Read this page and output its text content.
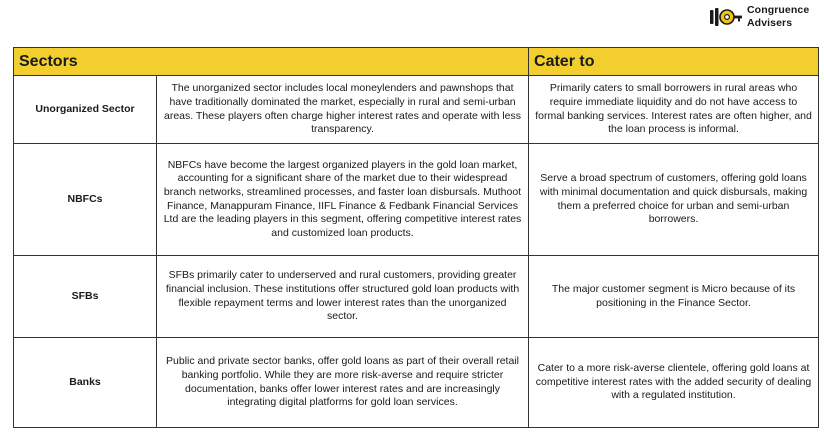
Congruence
Advisers
Sectors		Cater to
Unorganized Sector	The unorganized sector includes local moneylenders and pawnshops that have traditionally dominated the market, especially in rural and semi-urban areas. These players often charge higher interest rates and operate with less transparency.	Primarily caters to small borrowers in rural areas who require immediate liquidity and do not have access to formal banking services. Interest rates are often higher, and the loan process is informal.
NBFCs	NBFCs have become the largest organized players in the gold loan market, accounting for a significant share of the market due to their widespread branch networks, streamlined processes, and faster loan disbursals. Muthoot Finance, Manappuram Finance, IIFL Finance & Fedbank Financial Services Ltd are the leading players in this segment, offering competitive interest rates and customized loan products.	Serve a broad spectrum of customers, offering gold loans with minimal documentation and quick disbursals, making them a preferred choice for urban and semi-urban borrowers.
SFBs	SFBs primarily cater to underserved and rural customers, providing greater financial inclusion. These institutions offer structured gold loan products with flexible repayment terms and lower interest rates than the unorganized sector.	The major customer segment is Micro because of its positioning in the Finance Sector.
Banks	Public and private sector banks, offer gold loans as part of their overall retail banking portfolio. While they are more risk-averse and require stricter documentation, banks offer lower interest rates and are increasingly integrating digital platforms for gold loan services.	Cater to a more risk-averse clientele, offering gold loans at competitive interest rates with the added security of dealing with a regulated institution.
